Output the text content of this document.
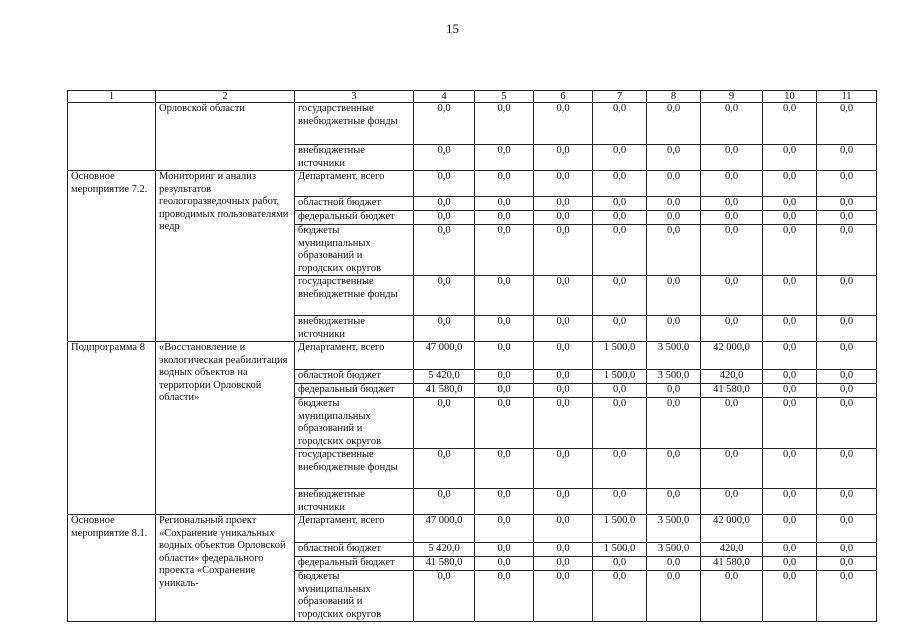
15
1	2	3	4	5	6	7	8	9	10	11
	Орловской области	государственные внебюджетные фонды	0,0	0,0	0,0	0,0	0,0	0,0	0,0	0,0
		внебюджетные источники	0,0	0,0	0,0	0,0	0,0	0,0	0,0	0,0
Основное мероприятие 7.2.	Мониторинг и анализ результатов геологоразведочных работ, проводимых пользователями недр	Департамент, всего	0,0	0,0	0,0	0,0	0,0	0,0	0,0	0,0
		областной бюджет	0,0	0,0	0,0	0,0	0,0	0,0	0,0	0,0
		федеральный бюджет	0,0	0,0	0,0	0,0	0,0	0,0	0,0	0,0
		бюджеты муниципальных образований и городских округов	0,0	0,0	0,0	0,0	0,0	0,0	0,0	0,0
		государственные внебюджетные фонды	0,0	0,0	0,0	0,0	0,0	0,0	0,0	0,0
		внебюджетные источники	0,0	0,0	0,0	0,0	0,0	0,0	0,0	0,0
Подпрограмма 8	«Восстановление и экологическая реабилитация водных объектов на территории Орловской области»	Департамент, всего	47 000,0	0,0	0,0	1 500,0	3 500,0	42 000,0	0,0	0,0
		областной бюджет	5 420,0	0,0	0,0	1 500,0	3 500,0	420,0	0,0	0,0
		федеральный бюджет	41 580,0	0,0	0,0	0,0	0,0	41 580,0	0,0	0,0
		бюджеты муниципальных образований и городских округов	0,0	0,0	0,0	0,0	0,0	0,0	0,0	0,0
		государственные внебюджетные фонды	0,0	0,0	0,0	0,0	0,0	0,0	0,0	0,0
		внебюджетные источники	0,0	0,0	0,0	0,0	0,0	0,0	0,0	0,0
Основное мероприятие 8.1.	Региональный проект «Сохранение уникальных водных объектов Орловской области» федерального проекта «Сохранение уникаль-	Департамент, всего	47 000,0	0,0	0,0	1 500,0	3 500,0	42 000,0	0,0	0,0
		областной бюджет	5 420,0	0,0	0,0	1 500,0	3 500,0	420,0	0,0	0,0
		федеральный бюджет	41 580,0	0,0	0,0	0,0	0,0	41 580,0	0,0	0,0
		бюджеты муниципальных образований и городских округов	0,0	0,0	0,0	0,0	0,0	0,0	0,0	0,0
